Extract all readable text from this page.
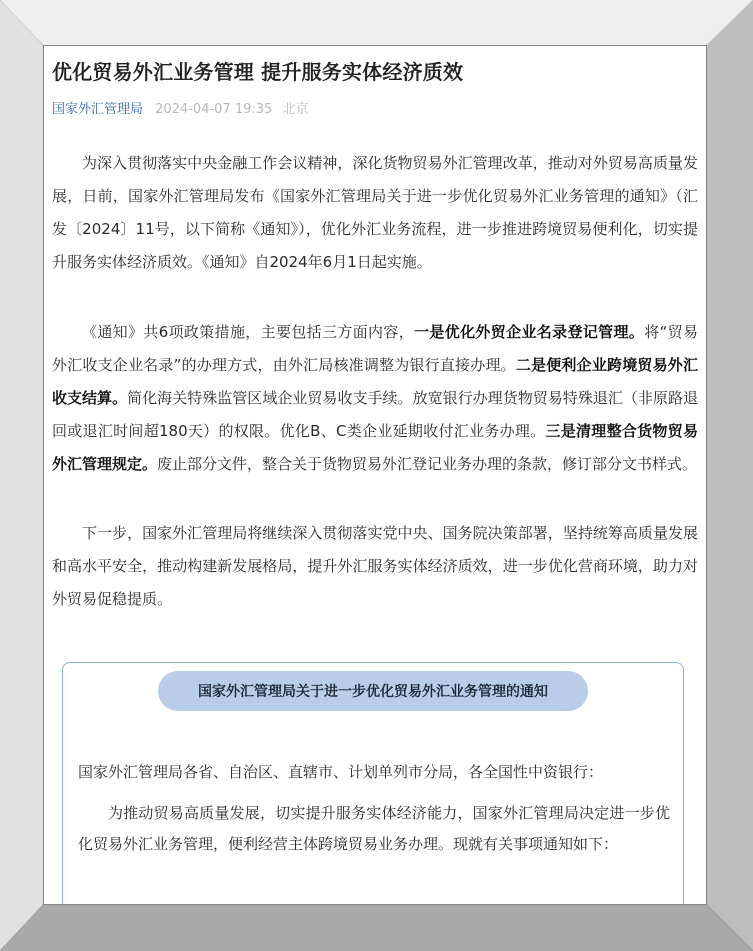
优化贸易外汇业务管理 提升服务实体经济质效
国家外汇管理局 2024-04-07 19:35 北京

为深入贯彻落实中央金融工作会议精神，深化货物贸易外汇管理改革，推动对外贸易高质量发展，日前，国家外汇管理局发布《国家外汇管理局关于进一步优化贸易外汇业务管理的通知》（汇发〔2024〕11号，以下简称《通知》），优化外汇业务流程，进一步推进跨境贸易便利化，切实提升服务实体经济质效。《通知》自2024年6月1日起实施。

《通知》共6项政策措施，主要包括三方面内容，一是优化外贸企业名录登记管理。将“贸易外汇收支企业名录”的办理方式，由外汇局核准调整为银行直接办理。二是便利企业跨境贸易外汇收支结算。简化海关特殊监管区域企业贸易收支手续。放宽银行办理货物贸易特殊退汇（非原路退回或退汇时间超180天）的权限。优化B、C类企业延期收付汇业务办理。三是清理整合货物贸易外汇管理规定。废止部分文件，整合关于货物贸易外汇登记业务办理的条款，修订部分文书样式。

下一步，国家外汇管理局将继续深入贯彻落实党中央、国务院决策部署，坚持统筹高质量发展和高水平安全，推动构建新发展格局，提升外汇服务实体经济质效，进一步优化营商环境，助力对外贸易促稳提质。

国家外汇管理局关于进一步优化贸易外汇业务管理的通知

国家外汇管理局各省、自治区、直辖市、计划单列市分局，各全国性中资银行：

为推动贸易高质量发展，切实提升服务实体经济能力，国家外汇管理局决定进一步优化贸易外汇业务管理，便利经营主体跨境贸易业务办理。现就有关事项通知如下：
